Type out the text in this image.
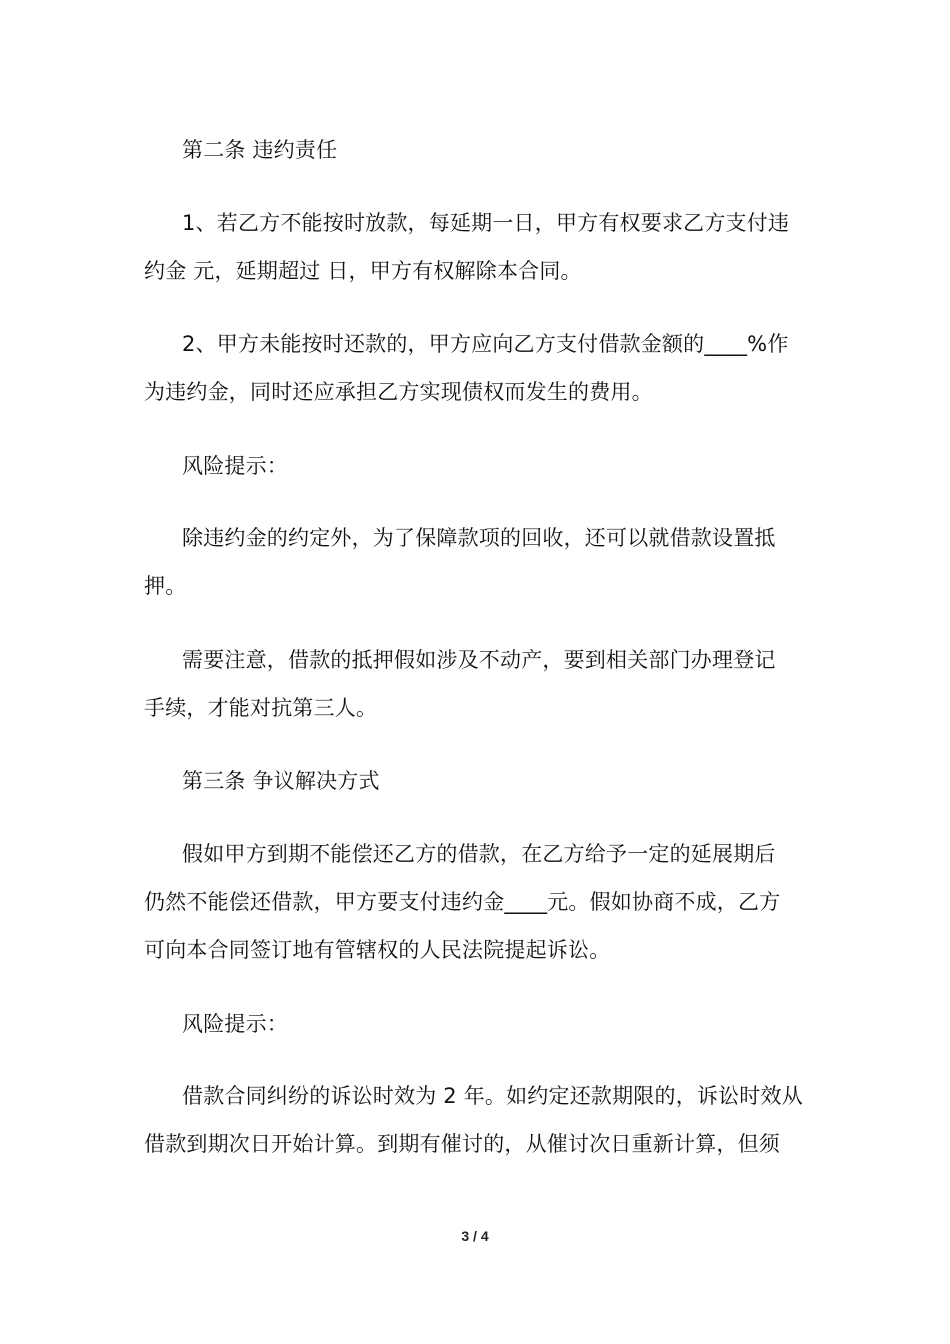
第二条 违约责任

1、若乙方不能按时放款，每延期一日，甲方有权要求乙方支付违
约金 元，延期超过 日，甲方有权解除本合同。

2、甲方未能按时还款的，甲方应向乙方支付借款金额的____%作
为违约金，同时还应承担乙方实现债权而发生的费用。

风险提示：

除违约金的约定外，为了保障款项的回收，还可以就借款设置抵
押。

需要注意，借款的抵押假如涉及不动产，要到相关部门办理登记
手续，才能对抗第三人。

第三条 争议解决方式

假如甲方到期不能偿还乙方的借款，在乙方给予一定的延展期后
仍然不能偿还借款，甲方要支付违约金____元。假如协商不成，乙方
可向本合同签订地有管辖权的人民法院提起诉讼。

风险提示：

借款合同纠纷的诉讼时效为 2 年。如约定还款期限的，诉讼时效从
借款到期次日开始计算。到期有催讨的，从催讨次日重新计算，但须

3 / 4
